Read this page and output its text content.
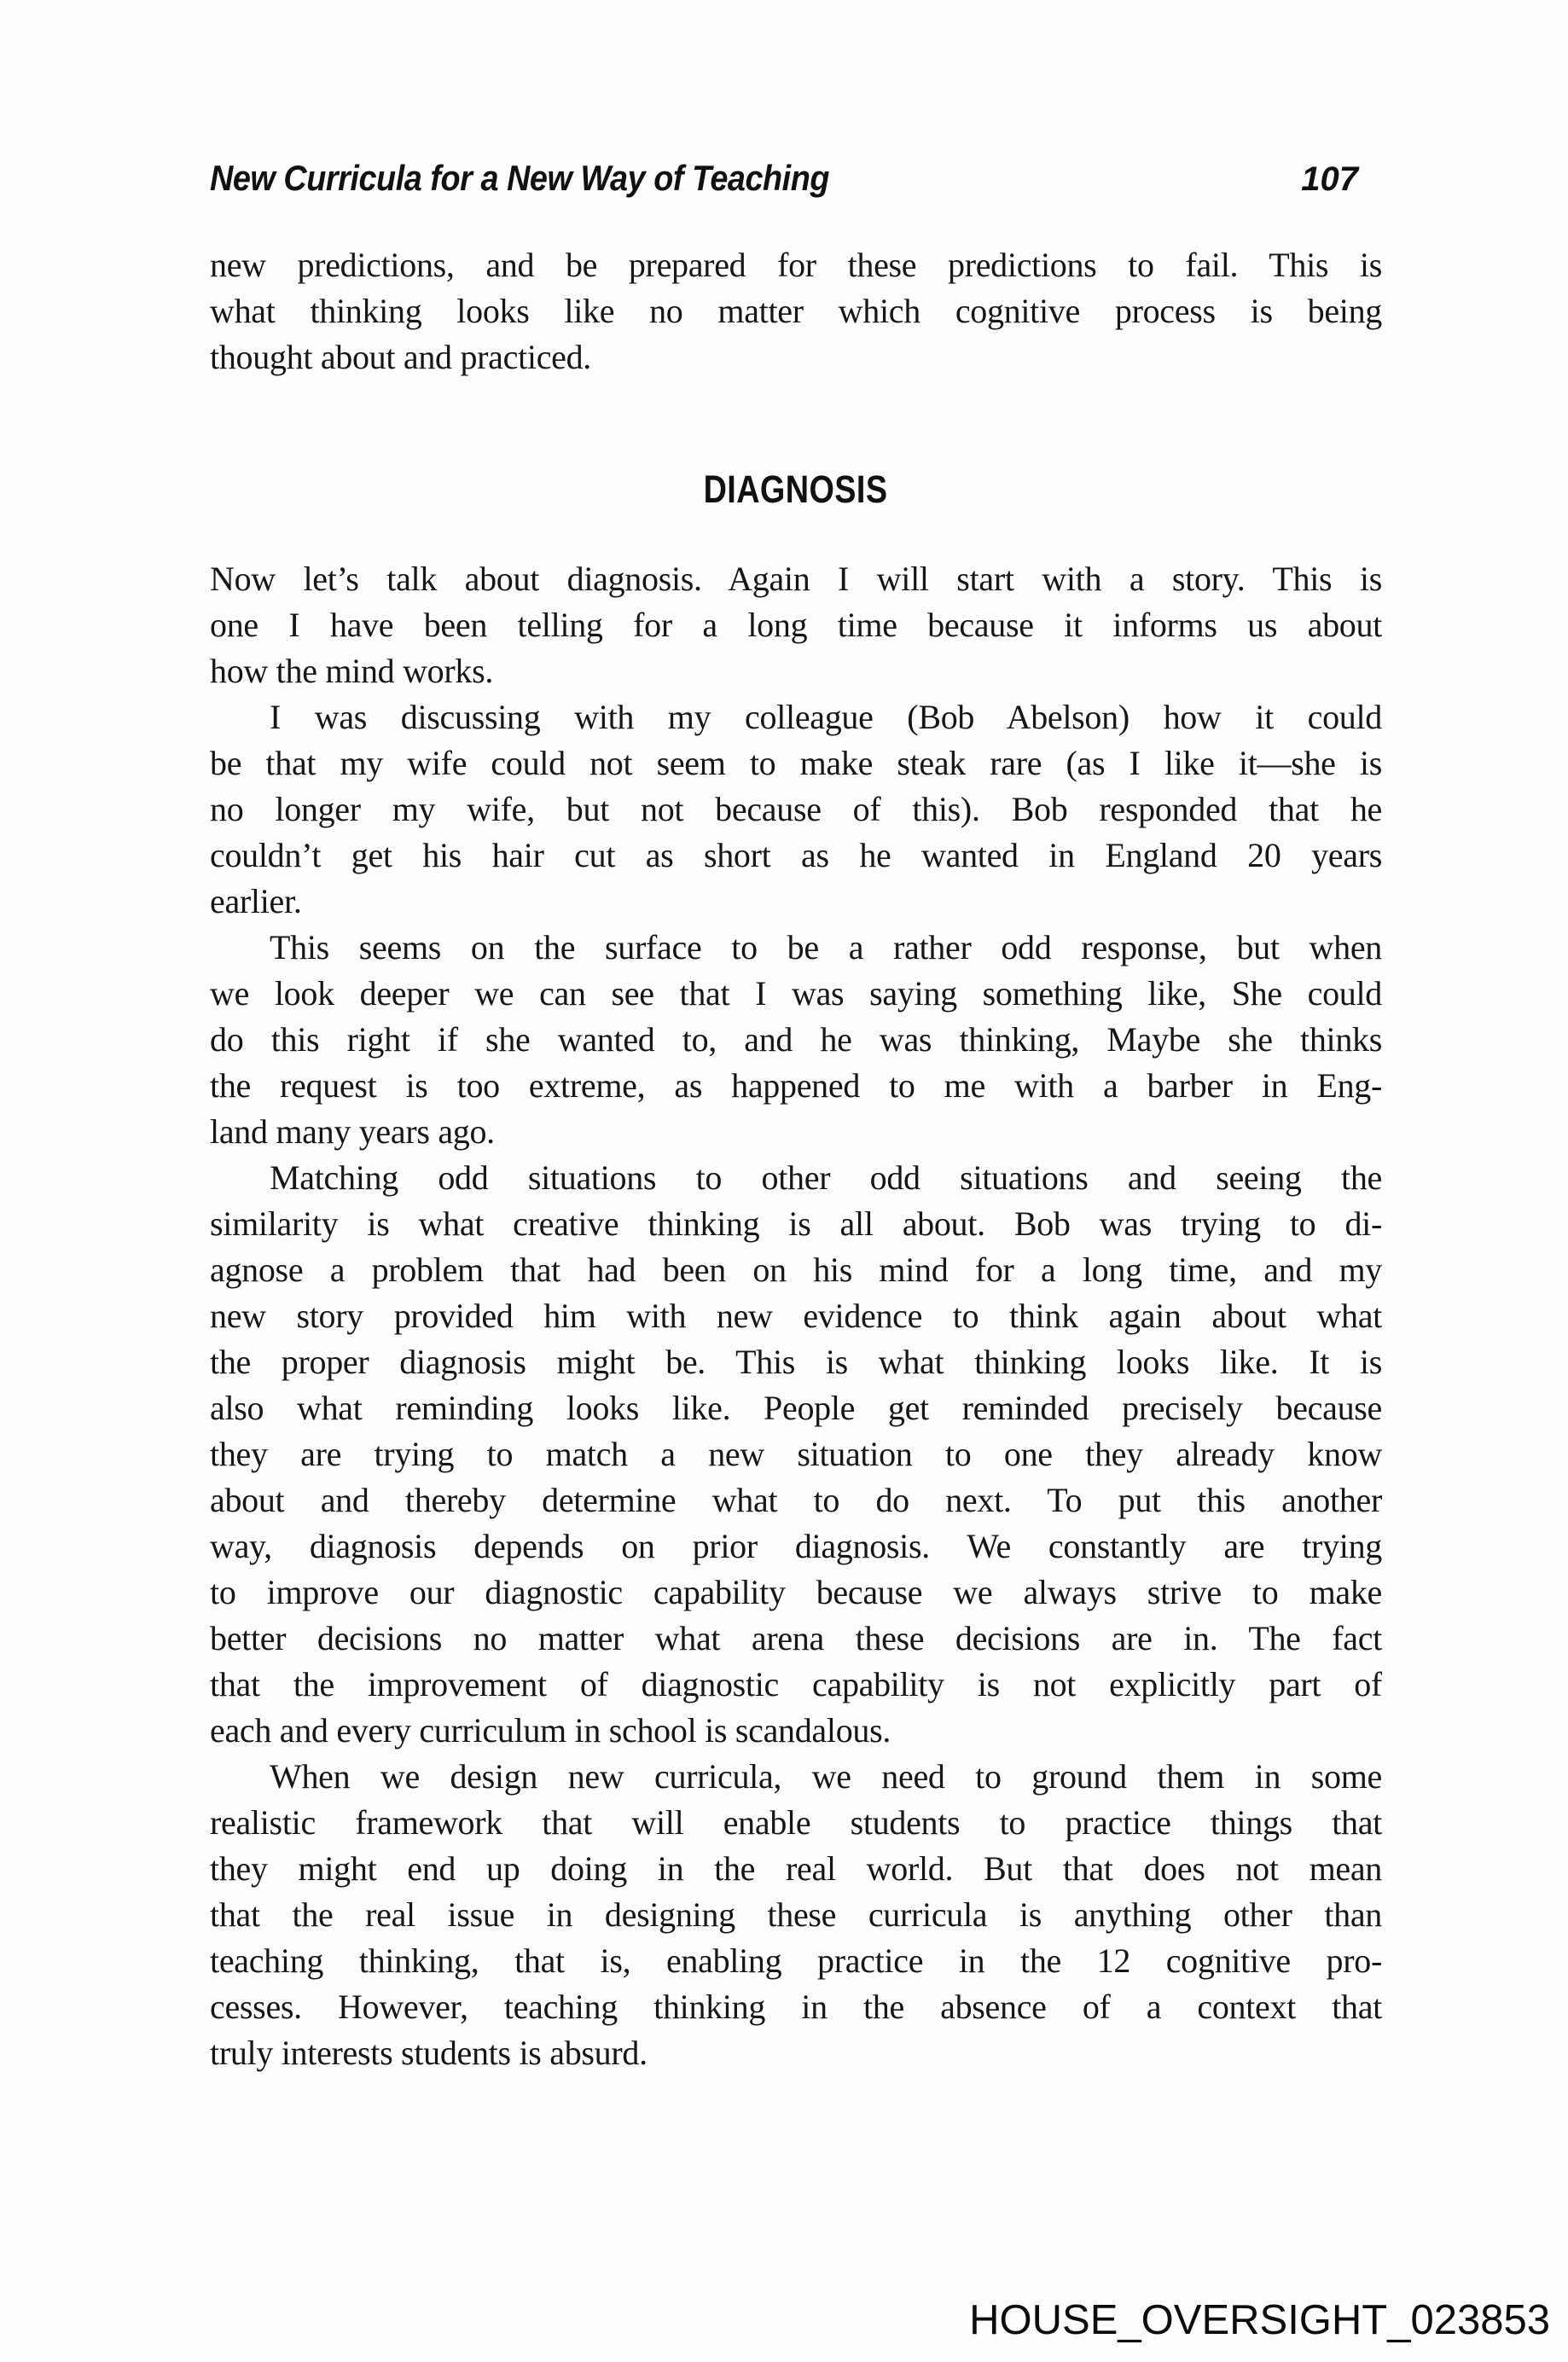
New Curricula for a New Way of Teaching	107
new predictions, and be prepared for these predictions to fail. This is
what thinking looks like no matter which cognitive process is being
thought about and practiced.
DIAGNOSIS
Now let’s talk about diagnosis. Again I will start with a story. This is
one I have been telling for a long time because it informs us about
how the mind works.
I was discussing with my colleague (Bob Abelson) how it could
be that my wife could not seem to make steak rare (as I like it—she is
no longer my wife, but not because of this). Bob responded that he
couldn’t get his hair cut as short as he wanted in England 20 years
earlier.
This seems on the surface to be a rather odd response, but when
we look deeper we can see that I was saying something like, She could
do this right if she wanted to, and he was thinking, Maybe she thinks
the request is too extreme, as happened to me with a barber in Eng-
land many years ago.
Matching odd situations to other odd situations and seeing the
similarity is what creative thinking is all about. Bob was trying to di-
agnose a problem that had been on his mind for a long time, and my
new story provided him with new evidence to think again about what
the proper diagnosis might be. This is what thinking looks like. It is
also what reminding looks like. People get reminded precisely because
they are trying to match a new situation to one they already know
about and thereby determine what to do next. To put this another
way, diagnosis depends on prior diagnosis. We constantly are trying
to improve our diagnostic capability because we always strive to make
better decisions no matter what arena these decisions are in. The fact
that the improvement of diagnostic capability is not explicitly part of
each and every curriculum in school is scandalous.
When we design new curricula, we need to ground them in some
realistic framework that will enable students to practice things that
they might end up doing in the real world. But that does not mean
that the real issue in designing these curricula is anything other than
teaching thinking, that is, enabling practice in the 12 cognitive pro-
cesses. However, teaching thinking in the absence of a context that
truly interests students is absurd.
HOUSE_OVERSIGHT_023853
